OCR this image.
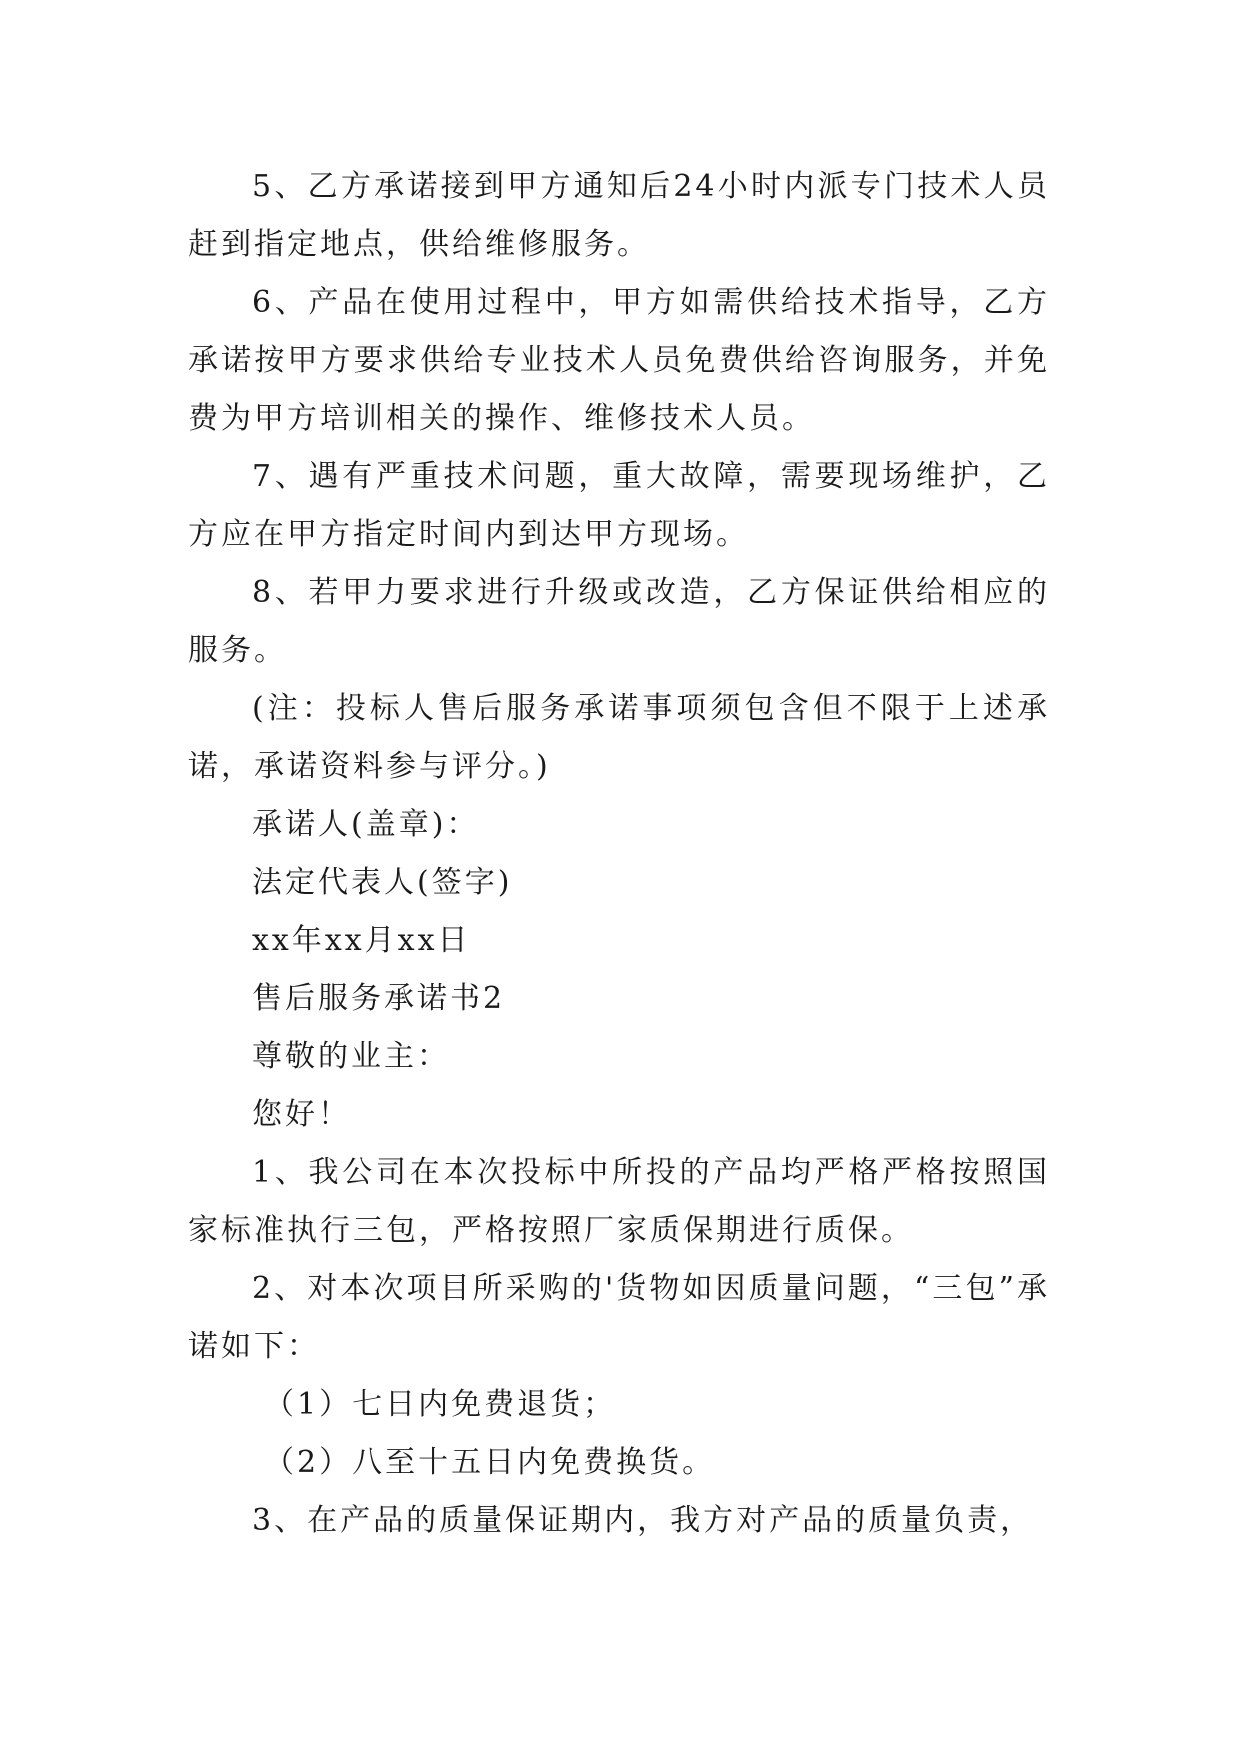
5、乙方承诺接到甲方通知后24小时内派专门技术人员赶到指定地点，供给维修服务。

6、产品在使用过程中，甲方如需供给技术指导，乙方承诺按甲方要求供给专业技术人员免费供给咨询服务，并免费为甲方培训相关的操作、维修技术人员。

7、遇有严重技术问题，重大故障，需要现场维护，乙方应在甲方指定时间内到达甲方现场。

8、若甲力要求进行升级或改造，乙方保证供给相应的服务。

(注：投标人售后服务承诺事项须包含但不限于上述承诺，承诺资料参与评分。)

承诺人(盖章)：

法定代表人(签字)

xx年xx月xx日

售后服务承诺书2

尊敬的业主：

您好！

1、我公司在本次投标中所投的产品均严格严格按照国家标准执行三包，严格按照厂家质保期进行质保。

2、对本次项目所采购的'货物如因质量问题，“三包”承诺如下：

（1）七日内免费退货；

（2）八至十五日内免费换货。

3、在产品的质量保证期内，我方对产品的质量负责，
